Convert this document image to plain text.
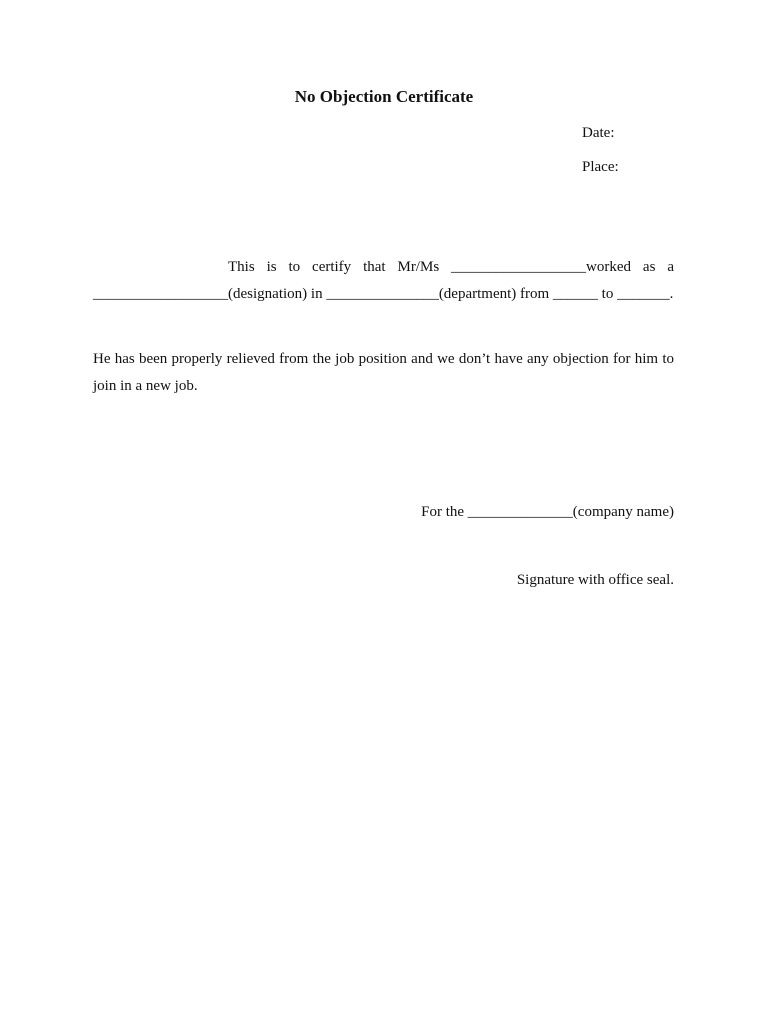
No Objection Certificate
Date:
Place:
This is to certify that Mr/Ms __________________worked as a __________________(designation) in _______________(department) from ______ to _______.
He has been properly relieved from the job position and we don’t have any objection for him to join in a new job.
For the ______________(company name)
Signature with office seal.
